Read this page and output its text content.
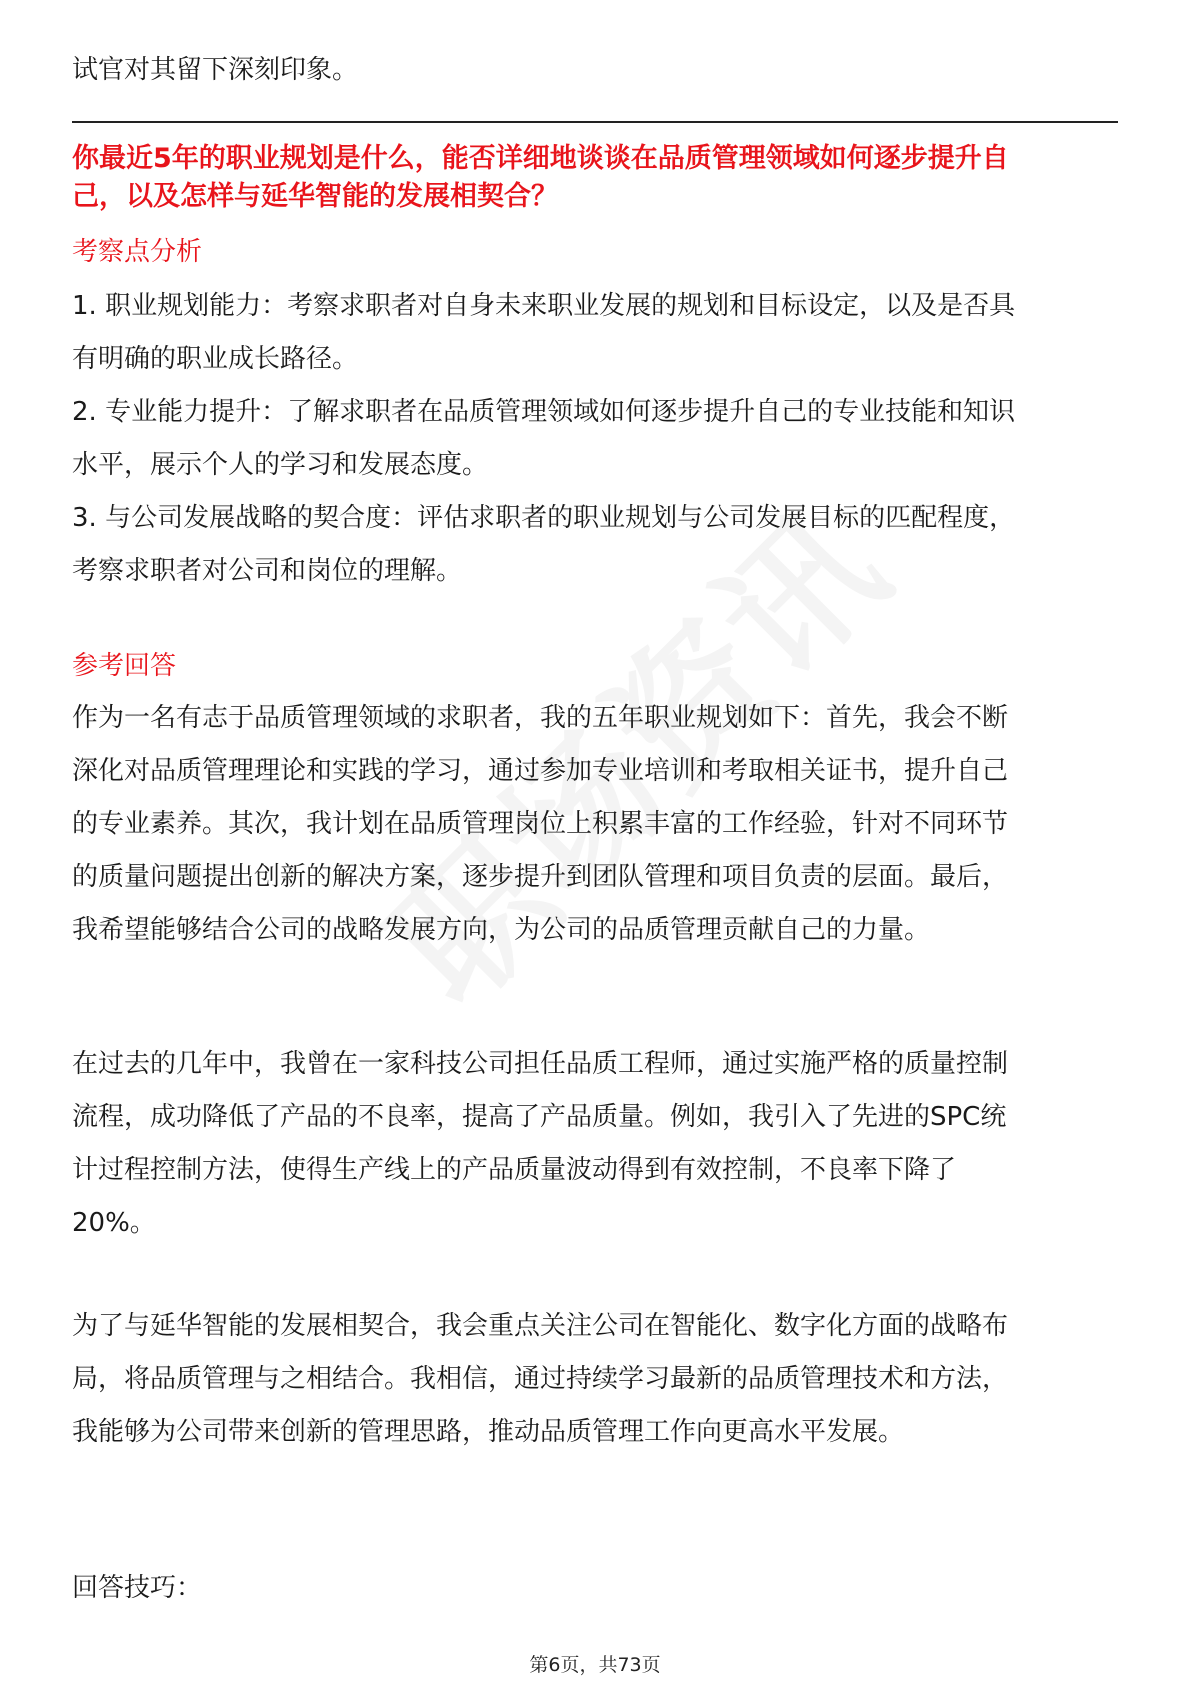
试官对其留下深刻印象。
你最近5年的职业规划是什么，能否详细地谈谈在品质管理领域如何逐步提升自
己，以及怎样与延华智能的发展相契合？
考察点分析
1. 职业规划能力：考察求职者对自身未来职业发展的规划和目标设定，以及是否具
有明确的职业成长路径。
2. 专业能力提升：了解求职者在品质管理领域如何逐步提升自己的专业技能和知识
水平，展示个人的学习和发展态度。
3. 与公司发展战略的契合度：评估求职者的职业规划与公司发展目标的匹配程度，
考察求职者对公司和岗位的理解。
参考回答
作为一名有志于品质管理领域的求职者，我的五年职业规划如下：首先，我会不断
深化对品质管理理论和实践的学习，通过参加专业培训和考取相关证书，提升自己
的专业素养。其次，我计划在品质管理岗位上积累丰富的工作经验，针对不同环节
的质量问题提出创新的解决方案，逐步提升到团队管理和项目负责的层面。最后，
我希望能够结合公司的战略发展方向，为公司的品质管理贡献自己的力量。
在过去的几年中，我曾在一家科技公司担任品质工程师，通过实施严格的质量控制
流程，成功降低了产品的不良率，提高了产品质量。例如，我引入了先进的SPC统
计过程控制方法，使得生产线上的产品质量波动得到有效控制，不良率下降了
20%。
为了与延华智能的发展相契合，我会重点关注公司在智能化、数字化方面的战略布
局，将品质管理与之相结合。我相信，通过持续学习最新的品质管理技术和方法，
我能够为公司带来创新的管理思路，推动品质管理工作向更高水平发展。
回答技巧：
第6页，共73页
